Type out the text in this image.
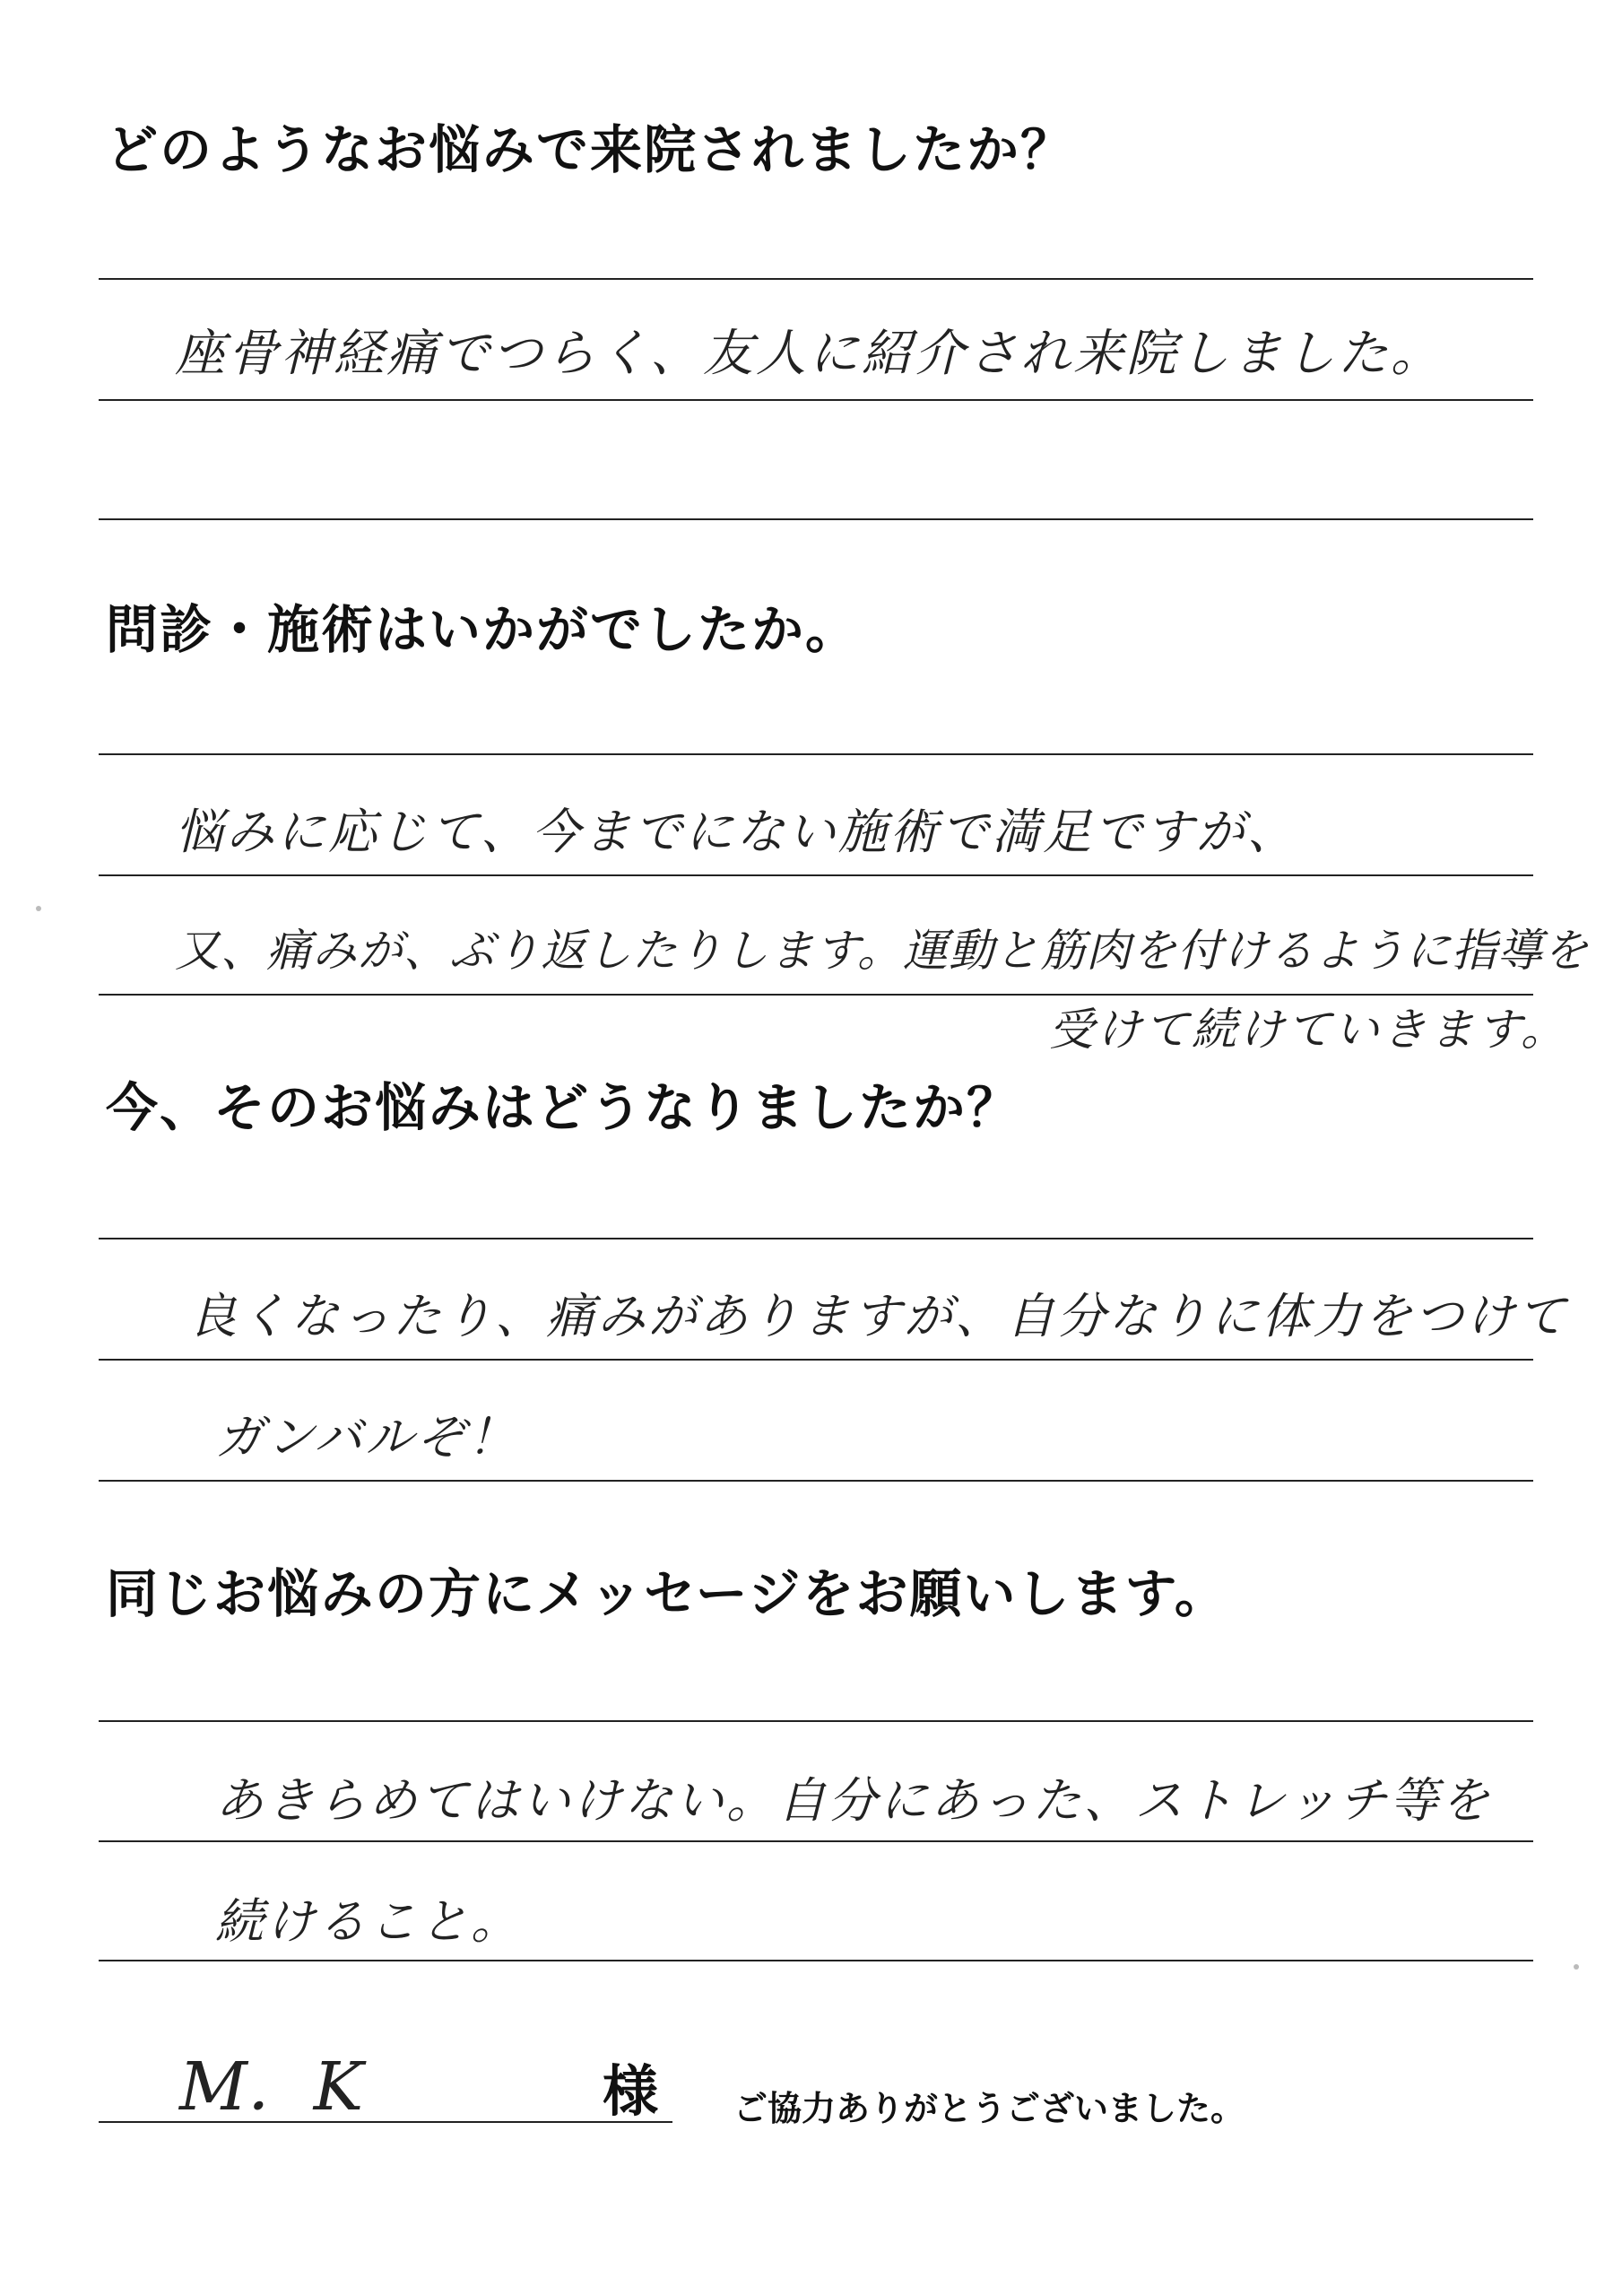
どのようなお悩みで来院されましたか？
座骨神経痛でつらく、友人に紹介され来院しました。
問診・施術はいかがでしたか。
悩みに応じて、今までにない施術で満足ですが、
又、痛みが、ぶり返したりします。運動と筋肉を付けるように指導を
受けて続けていきます。
今、そのお悩みはどうなりましたか？
良くなったり、痛みがありますが、自分なりに体力をつけて
ガンバルぞ！
同じお悩みの方にメッセージをお願いします。
あきらめてはいけない。自分にあった、ストレッチ等を
続けること。
M．K	様 ご協力ありがとうございました。
